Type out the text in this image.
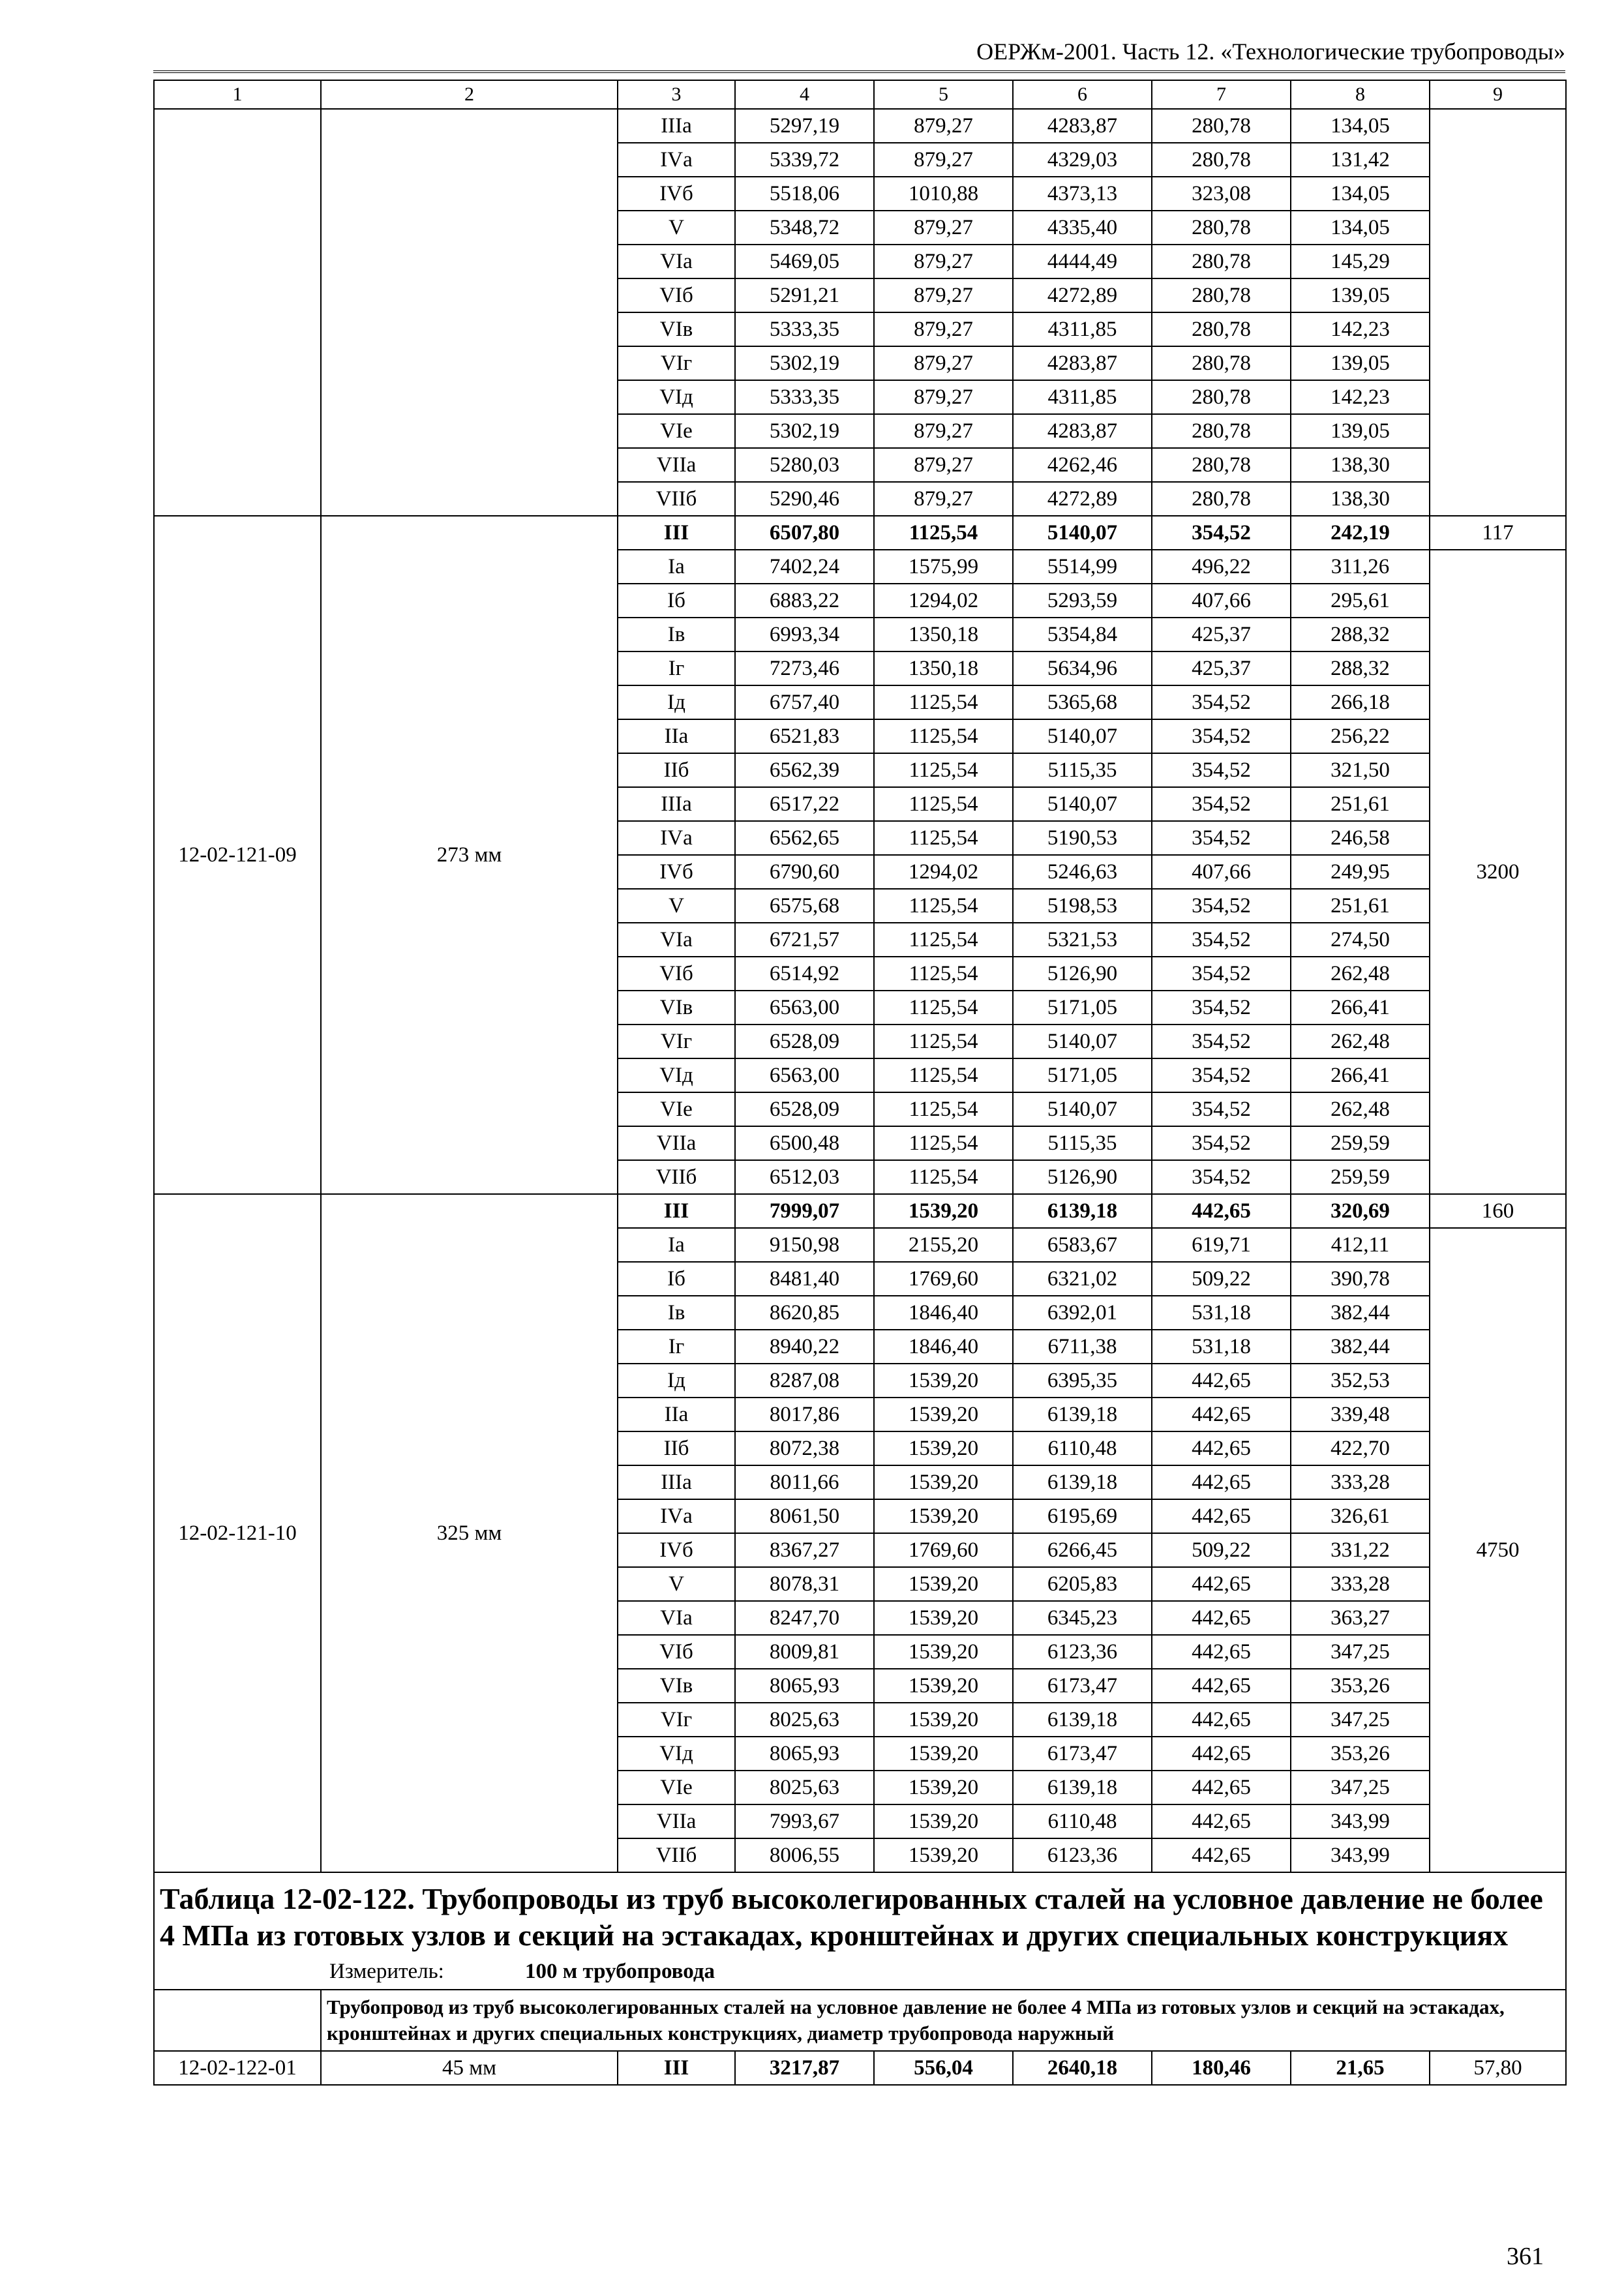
ОЕРЖм-2001. Часть 12. «Технологические трубопроводы»
1	2	3	4	5	6	7	8	9
		IIIа	5297,19	879,27	4283,87	280,78	134,05	
		IVа	5339,72	879,27	4329,03	280,78	131,42	
		IVб	5518,06	1010,88	4373,13	323,08	134,05	
		V	5348,72	879,27	4335,40	280,78	134,05	
		VIа	5469,05	879,27	4444,49	280,78	145,29	
		VIб	5291,21	879,27	4272,89	280,78	139,05	
		VIв	5333,35	879,27	4311,85	280,78	142,23	
		VIг	5302,19	879,27	4283,87	280,78	139,05	
		VIд	5333,35	879,27	4311,85	280,78	142,23	
		VIе	5302,19	879,27	4283,87	280,78	139,05	
		VIIа	5280,03	879,27	4262,46	280,78	138,30	
		VIIб	5290,46	879,27	4272,89	280,78	138,30	
12-02-121-09	273 мм	III	6507,80	1125,54	5140,07	354,52	242,19	117
		Iа	7402,24	1575,99	5514,99	496,22	311,26	3200
		Iб	6883,22	1294,02	5293,59	407,66	295,61	
		Iв	6993,34	1350,18	5354,84	425,37	288,32	
		Iг	7273,46	1350,18	5634,96	425,37	288,32	
		Iд	6757,40	1125,54	5365,68	354,52	266,18	
		IIа	6521,83	1125,54	5140,07	354,52	256,22	
		IIб	6562,39	1125,54	5115,35	354,52	321,50	
		IIIа	6517,22	1125,54	5140,07	354,52	251,61	
		IVа	6562,65	1125,54	5190,53	354,52	246,58	
		IVб	6790,60	1294,02	5246,63	407,66	249,95	
		V	6575,68	1125,54	5198,53	354,52	251,61	
		VIа	6721,57	1125,54	5321,53	354,52	274,50	
		VIб	6514,92	1125,54	5126,90	354,52	262,48	
		VIв	6563,00	1125,54	5171,05	354,52	266,41	
		VIг	6528,09	1125,54	5140,07	354,52	262,48	
		VIд	6563,00	1125,54	5171,05	354,52	266,41	
		VIе	6528,09	1125,54	5140,07	354,52	262,48	
		VIIа	6500,48	1125,54	5115,35	354,52	259,59	
		VIIб	6512,03	1125,54	5126,90	354,52	259,59	
12-02-121-10	325 мм	III	7999,07	1539,20	6139,18	442,65	320,69	160
		Iа	9150,98	2155,20	6583,67	619,71	412,11	4750
		Iб	8481,40	1769,60	6321,02	509,22	390,78	
		Iв	8620,85	1846,40	6392,01	531,18	382,44	
		Iг	8940,22	1846,40	6711,38	531,18	382,44	
		Iд	8287,08	1539,20	6395,35	442,65	352,53	
		IIа	8017,86	1539,20	6139,18	442,65	339,48	
		IIб	8072,38	1539,20	6110,48	442,65	422,70	
		IIIа	8011,66	1539,20	6139,18	442,65	333,28	
		IVа	8061,50	1539,20	6195,69	442,65	326,61	
		IVб	8367,27	1769,60	6266,45	509,22	331,22	
		V	8078,31	1539,20	6205,83	442,65	333,28	
		VIа	8247,70	1539,20	6345,23	442,65	363,27	
		VIб	8009,81	1539,20	6123,36	442,65	347,25	
		VIв	8065,93	1539,20	6173,47	442,65	353,26	
		VIг	8025,63	1539,20	6139,18	442,65	347,25	
		VIд	8065,93	1539,20	6173,47	442,65	353,26	
		VIе	8025,63	1539,20	6139,18	442,65	347,25	
		VIIа	7993,67	1539,20	6110,48	442,65	343,99	
		VIIб	8006,55	1539,20	6123,36	442,65	343,99	

Таблица 12-02-122. Трубопроводы из труб высоколегированных сталей на условное давление не более 4 МПа из готовых узлов и секций на эстакадах, кронштейнах и других специальных конструкциях
Измеритель: 100 м трубопровода								

	Трубопровод из труб высоколегированных сталей на условное давление не более 4 МПа из готовых узлов и секций на эстакадах, кронштейнах и других специальных конструкциях, диаметр трубопровода наружный							
12-02-122-01	45 мм	III	3217,87	556,04	2640,18	180,46	21,65	57,80
361
